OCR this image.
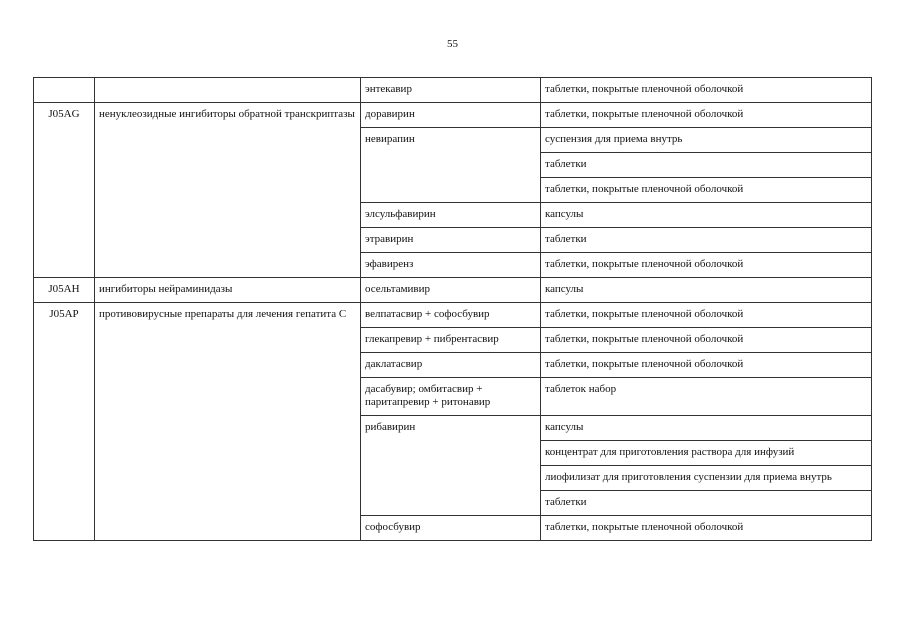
55
		энтекавир	таблетки, покрытые пленочной оболочкой
J05AG	ненуклеозидные ингибиторы обратной транскриптазы	доравирин	таблетки, покрытые пленочной оболочкой
		невирапин	суспензия для приема внутрь
			таблетки
			таблетки, покрытые пленочной оболочкой
		элсульфавирин	капсулы
		этравирин	таблетки
		эфавиренз	таблетки, покрытые пленочной оболочкой
J05AH	ингибиторы нейраминидазы	осельтамивир	капсулы
J05AP	противовирусные препараты для лечения гепатита С	велпатасвир + софосбувир	таблетки, покрытые пленочной оболочкой
		глекапревир + пибрентасвир	таблетки, покрытые пленочной оболочкой
		даклатасвир	таблетки, покрытые пленочной оболочкой
		дасабувир; омбитасвир + паритапревир + ритонавир	таблеток набор
		рибавирин	капсулы
			концентрат для приготовления раствора для инфузий
			лиофилизат для приготовления суспензии для приема внутрь
			таблетки
		софосбувир	таблетки, покрытые пленочной оболочкой
